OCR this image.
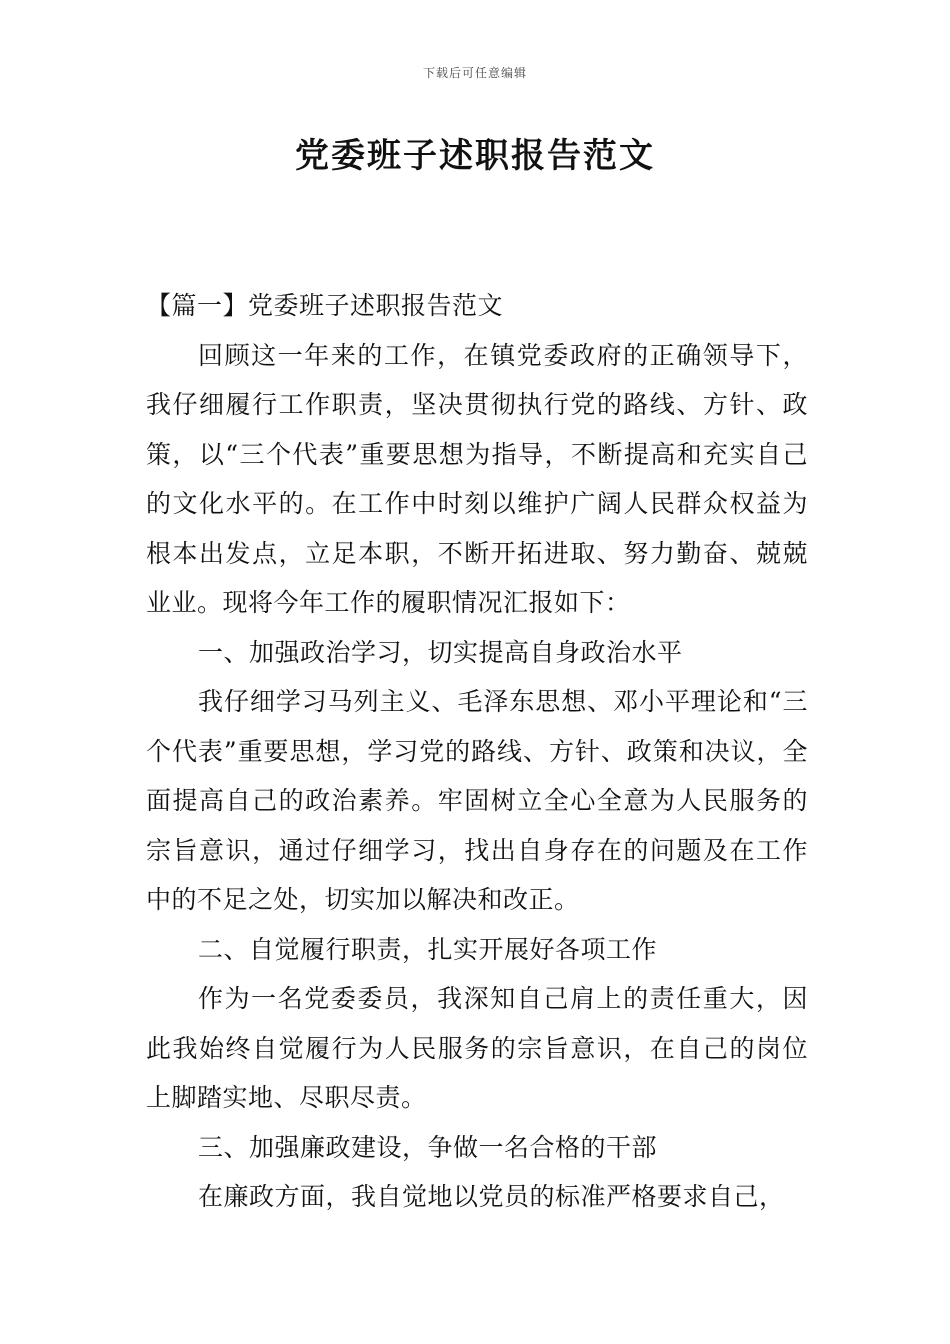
下载后可任意编辑
党委班子述职报告范文

【篇一】党委班子述职报告范文

回顾这一年来的工作，在镇党委政府的正确领导下，我仔细履行工作职责，坚决贯彻执行党的路线、方针、政策，以“三个代表”重要思想为指导，不断提高和充实自己的文化水平的。在工作中时刻以维护广阔人民群众权益为根本出发点，立足本职，不断开拓进取、努力勤奋、兢兢业业。现将今年工作的履职情况汇报如下：

一、加强政治学习，切实提高自身政治水平

我仔细学习马列主义、毛泽东思想、邓小平理论和“三个代表”重要思想，学习党的路线、方针、政策和决议，全面提高自己的政治素养。牢固树立全心全意为人民服务的宗旨意识，通过仔细学习，找出自身存在的问题及在工作中的不足之处，切实加以解决和改正。

二、自觉履行职责，扎实开展好各项工作

作为一名党委委员，我深知自己肩上的责任重大，因此我始终自觉履行为人民服务的宗旨意识，在自己的岗位上脚踏实地、尽职尽责。

三、加强廉政建设，争做一名合格的干部

在廉政方面，我自觉地以党员的标准严格要求自己，
